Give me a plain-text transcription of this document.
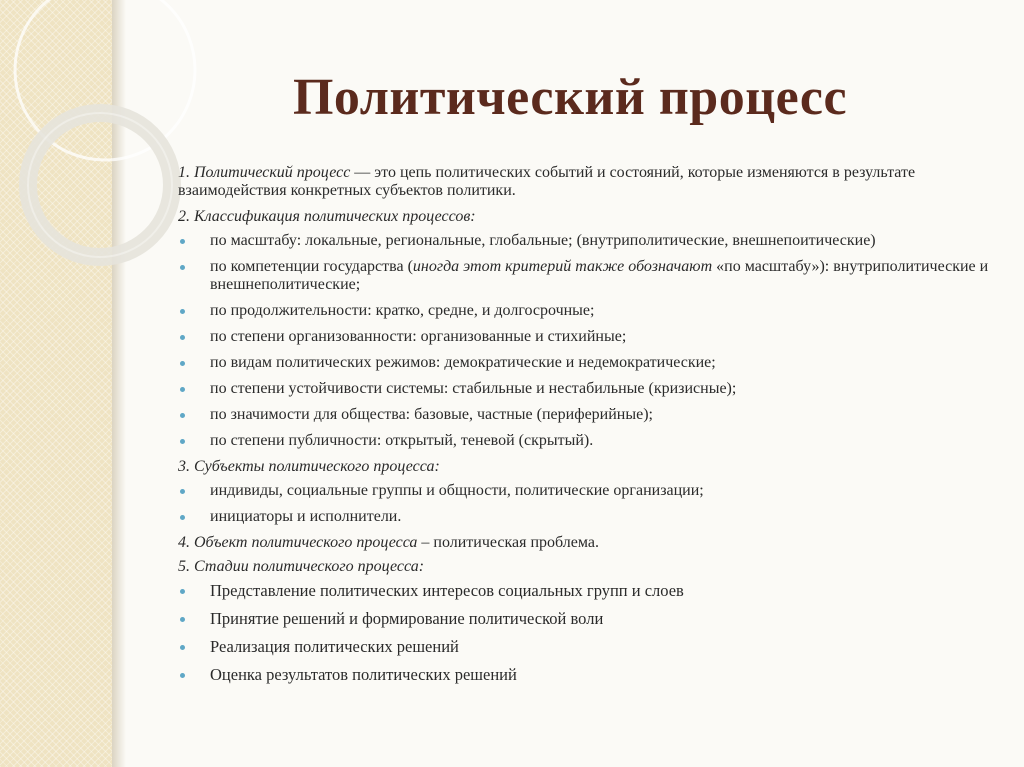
Политический процесс

1. Политический процесс — это цепь политических событий и состояний, которые изменяются в результате взаимодействия конкретных субъектов политики.

2. Классификация политических процессов:

по масштабу: локальные, региональные, глобальные; (внутриполитические, внешнепоитические)
по компетенции государства (иногда этот критерий также обозначают «по масштабу»): внутриполитические и внешнеполитические;
по продолжительности: кратко, средне, и долгосрочные;
по степени организованности: организованные и стихийные;
по видам политических режимов: демократические и недемократические;
по степени устойчивости системы: стабильные и нестабильные (кризисные);
по значимости для общества: базовые, частные (периферийные);
по степени публичности: открытый, теневой (скрытый).

3. Субъекты политического процесса:

индивиды, социальные группы и общности, политические организации;
инициаторы и исполнители.

4. Объект политического процесса – политическая проблема.

5. Стадии политического процесса:

Представление политических интересов социальных групп и слоев
Принятие решений и формирование политической воли
Реализация политических решений
Оценка результатов политических решений
